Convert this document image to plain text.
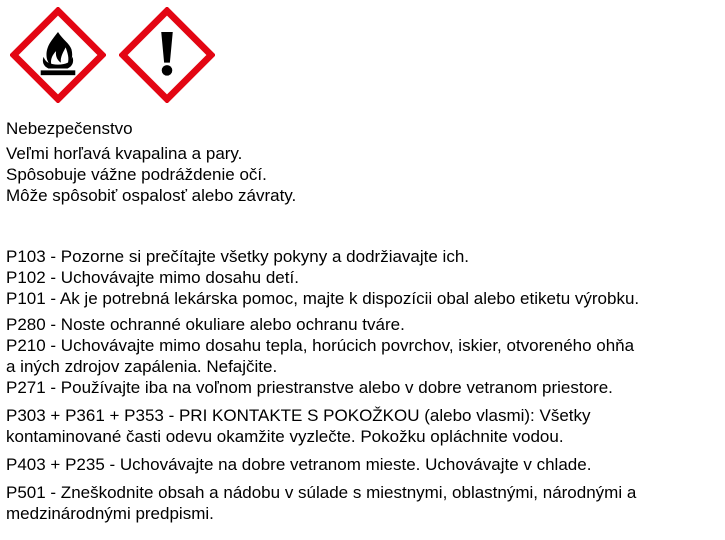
Nebezpečenstvo
Veľmi horľavá kvapalina a pary.
Spôsobuje vážne podráždenie očí.
Môže spôsobiť ospalosť alebo závraty.
P103 - Pozorne si prečítajte všetky pokyny a dodržiavajte ich.
P102 - Uchovávajte mimo dosahu detí.
P101 - Ak je potrebná lekárska pomoc, majte k dispozícii obal alebo etiketu výrobku.
P280 - Noste ochranné okuliare alebo ochranu tváre.
P210 - Uchovávajte mimo dosahu tepla, horúcich povrchov, iskier, otvoreného ohňa
a iných zdrojov zapálenia. Nefajčite.
P271 - Používajte iba na voľnom priestranstve alebo v dobre vetranom priestore.
P303 + P361 + P353 - PRI KONTAKTE S POKOŽKOU (alebo vlasmi): Všetky
kontaminované časti odevu okamžite vyzlečte. Pokožku opláchnite vodou.
P403 + P235 - Uchovávajte na dobre vetranom mieste. Uchovávajte v chlade.
P501 - Zneškodnite obsah a nádobu v súlade s miestnymi, oblastnými, národnými a
medzinárodnými predpismi.
